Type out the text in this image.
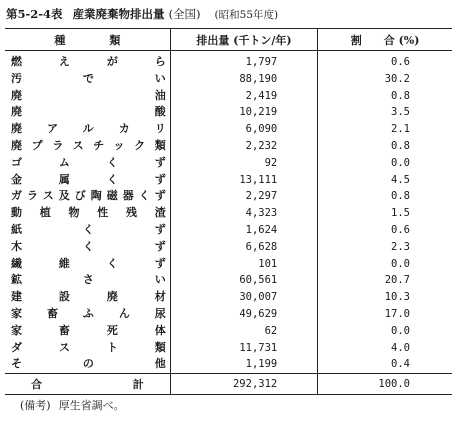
第5-2-4表 産業廃棄物排出量 (全国) (昭和55年度)
種　　　　類	排出量 (千トン/年)	割　　合 (%)
燃えがら	1,797	0.6
汚でい	88,190	30.2
廃油	2,419	0.8
廃酸	10,219	3.5
廃アルカリ	6,090	2.1
廃プラスチック類	2,232	0.8
ゴムくず	92	0.0
金属くず	13,111	4.5
ガラス及び陶磁器くず	2,297	0.8
動植物性残渣	4,323	1.5
紙くず	1,624	0.6
木くず	6,628	2.3
繊維くず	101	0.0
鉱さい	60,561	20.7
建設廃材	30,007	10.3
家畜ふん尿	49,629	17.0
家畜死体	62	0.0
ダスト類	11,731	4.0
その他	1,199	0.4
合計	292,312	100.0
(備考) 厚生省調べ。
